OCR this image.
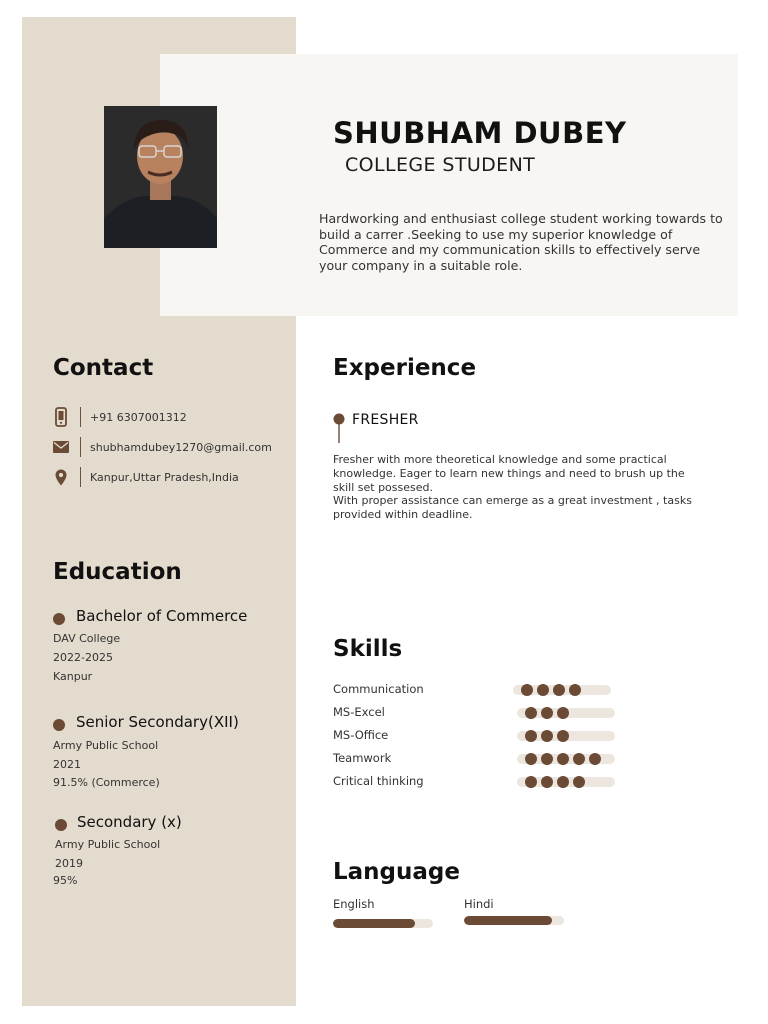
SHUBHAM DUBEY
COLLEGE STUDENT
Hardworking and enthusiast college student working towards to build a carrer .Seeking to use my superior knowledge of Commerce and my communication skills to effectively serve your company in a suitable role.
Contact
+91 6307001312
shubhamdubey1270@gmail.com
Kanpur,Uttar Pradesh,India
Education
Bachelor of Commerce
DAV College
2022-2025
Kanpur
Senior Secondary(XII)
Army Public School
2021
91.5% (Commerce)
Secondary (x)
Army Public School
2019
95%
Experience
FRESHER

Fresher with more theoretical knowledge and some practical knowledge. Eager to learn new things and need to brush up the skill set possesed.

With proper assistance can emerge as a great investment , tasks provided within deadline.

Skills
Communication
MS-Excel
MS-Office
Teamwork
Critical thinking
Language
English	Hindi
